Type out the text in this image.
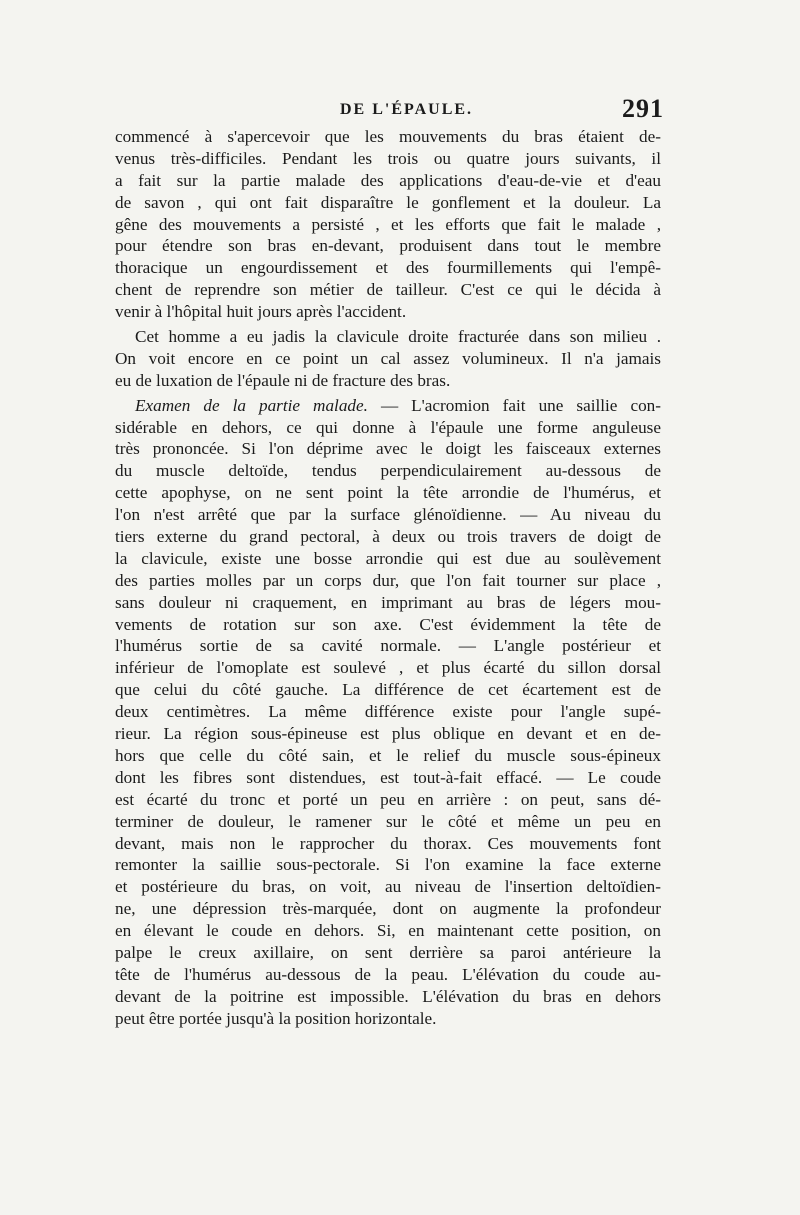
DE L'ÉPAULE.	291
commencé à s'apercevoir que les mouvements du bras étaient de-
venus très-difficiles. Pendant les trois ou quatre jours suivants, il
a fait sur la partie malade des applications d'eau-de-vie et d'eau
de savon , qui ont fait disparaître le gonflement et la douleur. La
gêne des mouvements a persisté , et les efforts que fait le malade ,
pour étendre son bras en-devant, produisent dans tout le membre
thoracique un engourdissement et des fourmillements qui l'empê-
chent de reprendre son métier de tailleur. C'est ce qui le décida à
venir à l'hôpital huit jours après l'accident.
Cet homme a eu jadis la clavicule droite fracturée dans son milieu .
On voit encore en ce point un cal assez volumineux. Il n'a jamais
eu de luxation de l'épaule ni de fracture des bras.
Examen de la partie malade. — L'acromion fait une saillie con-
sidérable en dehors, ce qui donne à l'épaule une forme anguleuse
très prononcée. Si l'on déprime avec le doigt les faisceaux externes
du muscle deltoïde, tendus perpendiculairement au-dessous de
cette apophyse, on ne sent point la tête arrondie de l'humérus, et
l'on n'est arrêté que par la surface glénoïdienne. — Au niveau du
tiers externe du grand pectoral, à deux ou trois travers de doigt de
la clavicule, existe une bosse arrondie qui est due au soulèvement
des parties molles par un corps dur, que l'on fait tourner sur place ,
sans douleur ni craquement, en imprimant au bras de légers mou-
vements de rotation sur son axe. C'est évidemment la tête de
l'humérus sortie de sa cavité normale. — L'angle postérieur et
inférieur de l'omoplate est soulevé , et plus écarté du sillon dorsal
que celui du côté gauche. La différence de cet écartement est de
deux centimètres. La même différence existe pour l'angle supé-
rieur. La région sous-épineuse est plus oblique en devant et en de-
hors que celle du côté sain, et le relief du muscle sous-épineux
dont les fibres sont distendues, est tout-à-fait effacé. — Le coude
est écarté du tronc et porté un peu en arrière : on peut, sans dé-
terminer de douleur, le ramener sur le côté et même un peu en
devant, mais non le rapprocher du thorax. Ces mouvements font
remonter la saillie sous-pectorale. Si l'on examine la face externe
et postérieure du bras, on voit, au niveau de l'insertion deltoïdien-
ne, une dépression très-marquée, dont on augmente la profondeur
en élevant le coude en dehors. Si, en maintenant cette position, on
palpe le creux axillaire, on sent derrière sa paroi antérieure la
tête de l'humérus au-dessous de la peau. L'élévation du coude au-
devant de la poitrine est impossible. L'élévation du bras en dehors
peut être portée jusqu'à la position horizontale.
